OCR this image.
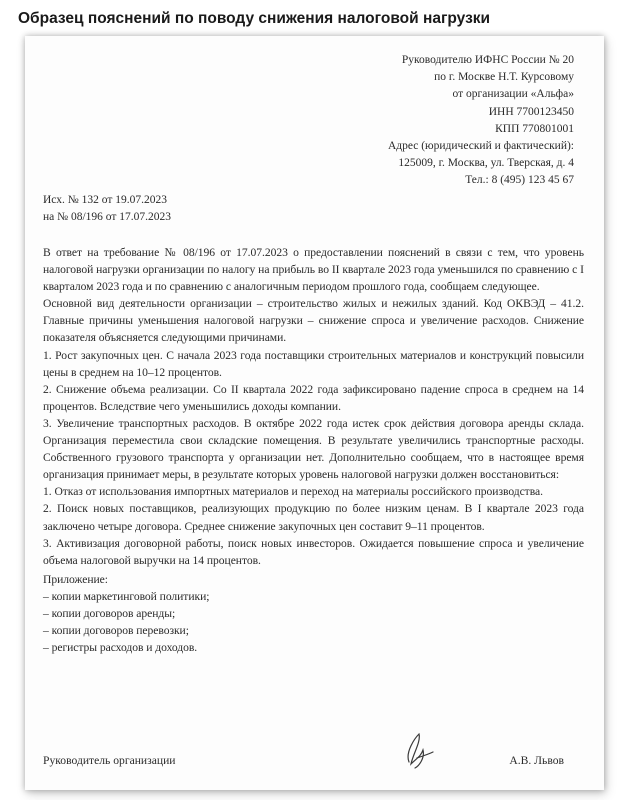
Образец пояснений по поводу снижения налоговой нагрузки
Руководителю ИФНС России № 20
по г. Москве Н.Т. Курсовому
от организации «Альфа»
ИНН 7700123450
КПП 770801001
Адрес (юридический и фактический):
125009, г. Москва, ул. Тверская, д. 4
Тел.: 8 (495) 123 45 67
Исх. № 132 от 19.07.2023
на № 08/196 от 17.07.2023

В ответ на требование № 08/196 от 17.07.2023 о предоставлении пояснений в связи с тем, что уровень налоговой нагрузки организации по налогу на прибыль во II квартале 2023 года уменьшился по сравнению с I кварталом 2023 года и по сравнению с аналогичным периодом прошлого года, сообщаем следующее.

Основной вид деятельности организации – строительство жилых и нежилых зданий. Код ОКВЭД – 41.2. Главные причины уменьшения налоговой нагрузки – снижение спроса и увеличение расходов. Снижение показателя объясняется следующими причинами.

1. Рост закупочных цен. С начала 2023 года поставщики строительных материалов и конструкций повысили цены в среднем на 10–12 процентов.

2. Снижение объема реализации. Со II квартала 2022 года зафиксировано падение спроса в среднем на 14 процентов. Вследствие чего уменьшились доходы компании.

3. Увеличение транспортных расходов. В октябре 2022 года истек срок действия договора аренды склада. Организация переместила свои складские помещения. В результате увеличились транспортные расходы. Собственного грузового транспорта у организации нет. Дополнительно сообщаем, что в настоящее время организация принимает меры, в результате которых уровень налоговой нагрузки должен восстановиться:

1. Отказ от использования импортных материалов и переход на материалы российского производства.

2. Поиск новых поставщиков, реализующих продукцию по более низким ценам. В I квартале 2023 года заключено четыре договора. Среднее снижение закупочных цен составит 9–11 процентов.

3. Активизация договорной работы, поиск новых инвесторов. Ожидается повышение спроса и увеличение объема налоговой выручки на 14 процентов.

Приложение:
– копии маркетинговой политики;
– копии договоров аренды;
– копии договоров перевозки;
– регистры расходов и доходов.
Руководитель организации	А.В. Львов
